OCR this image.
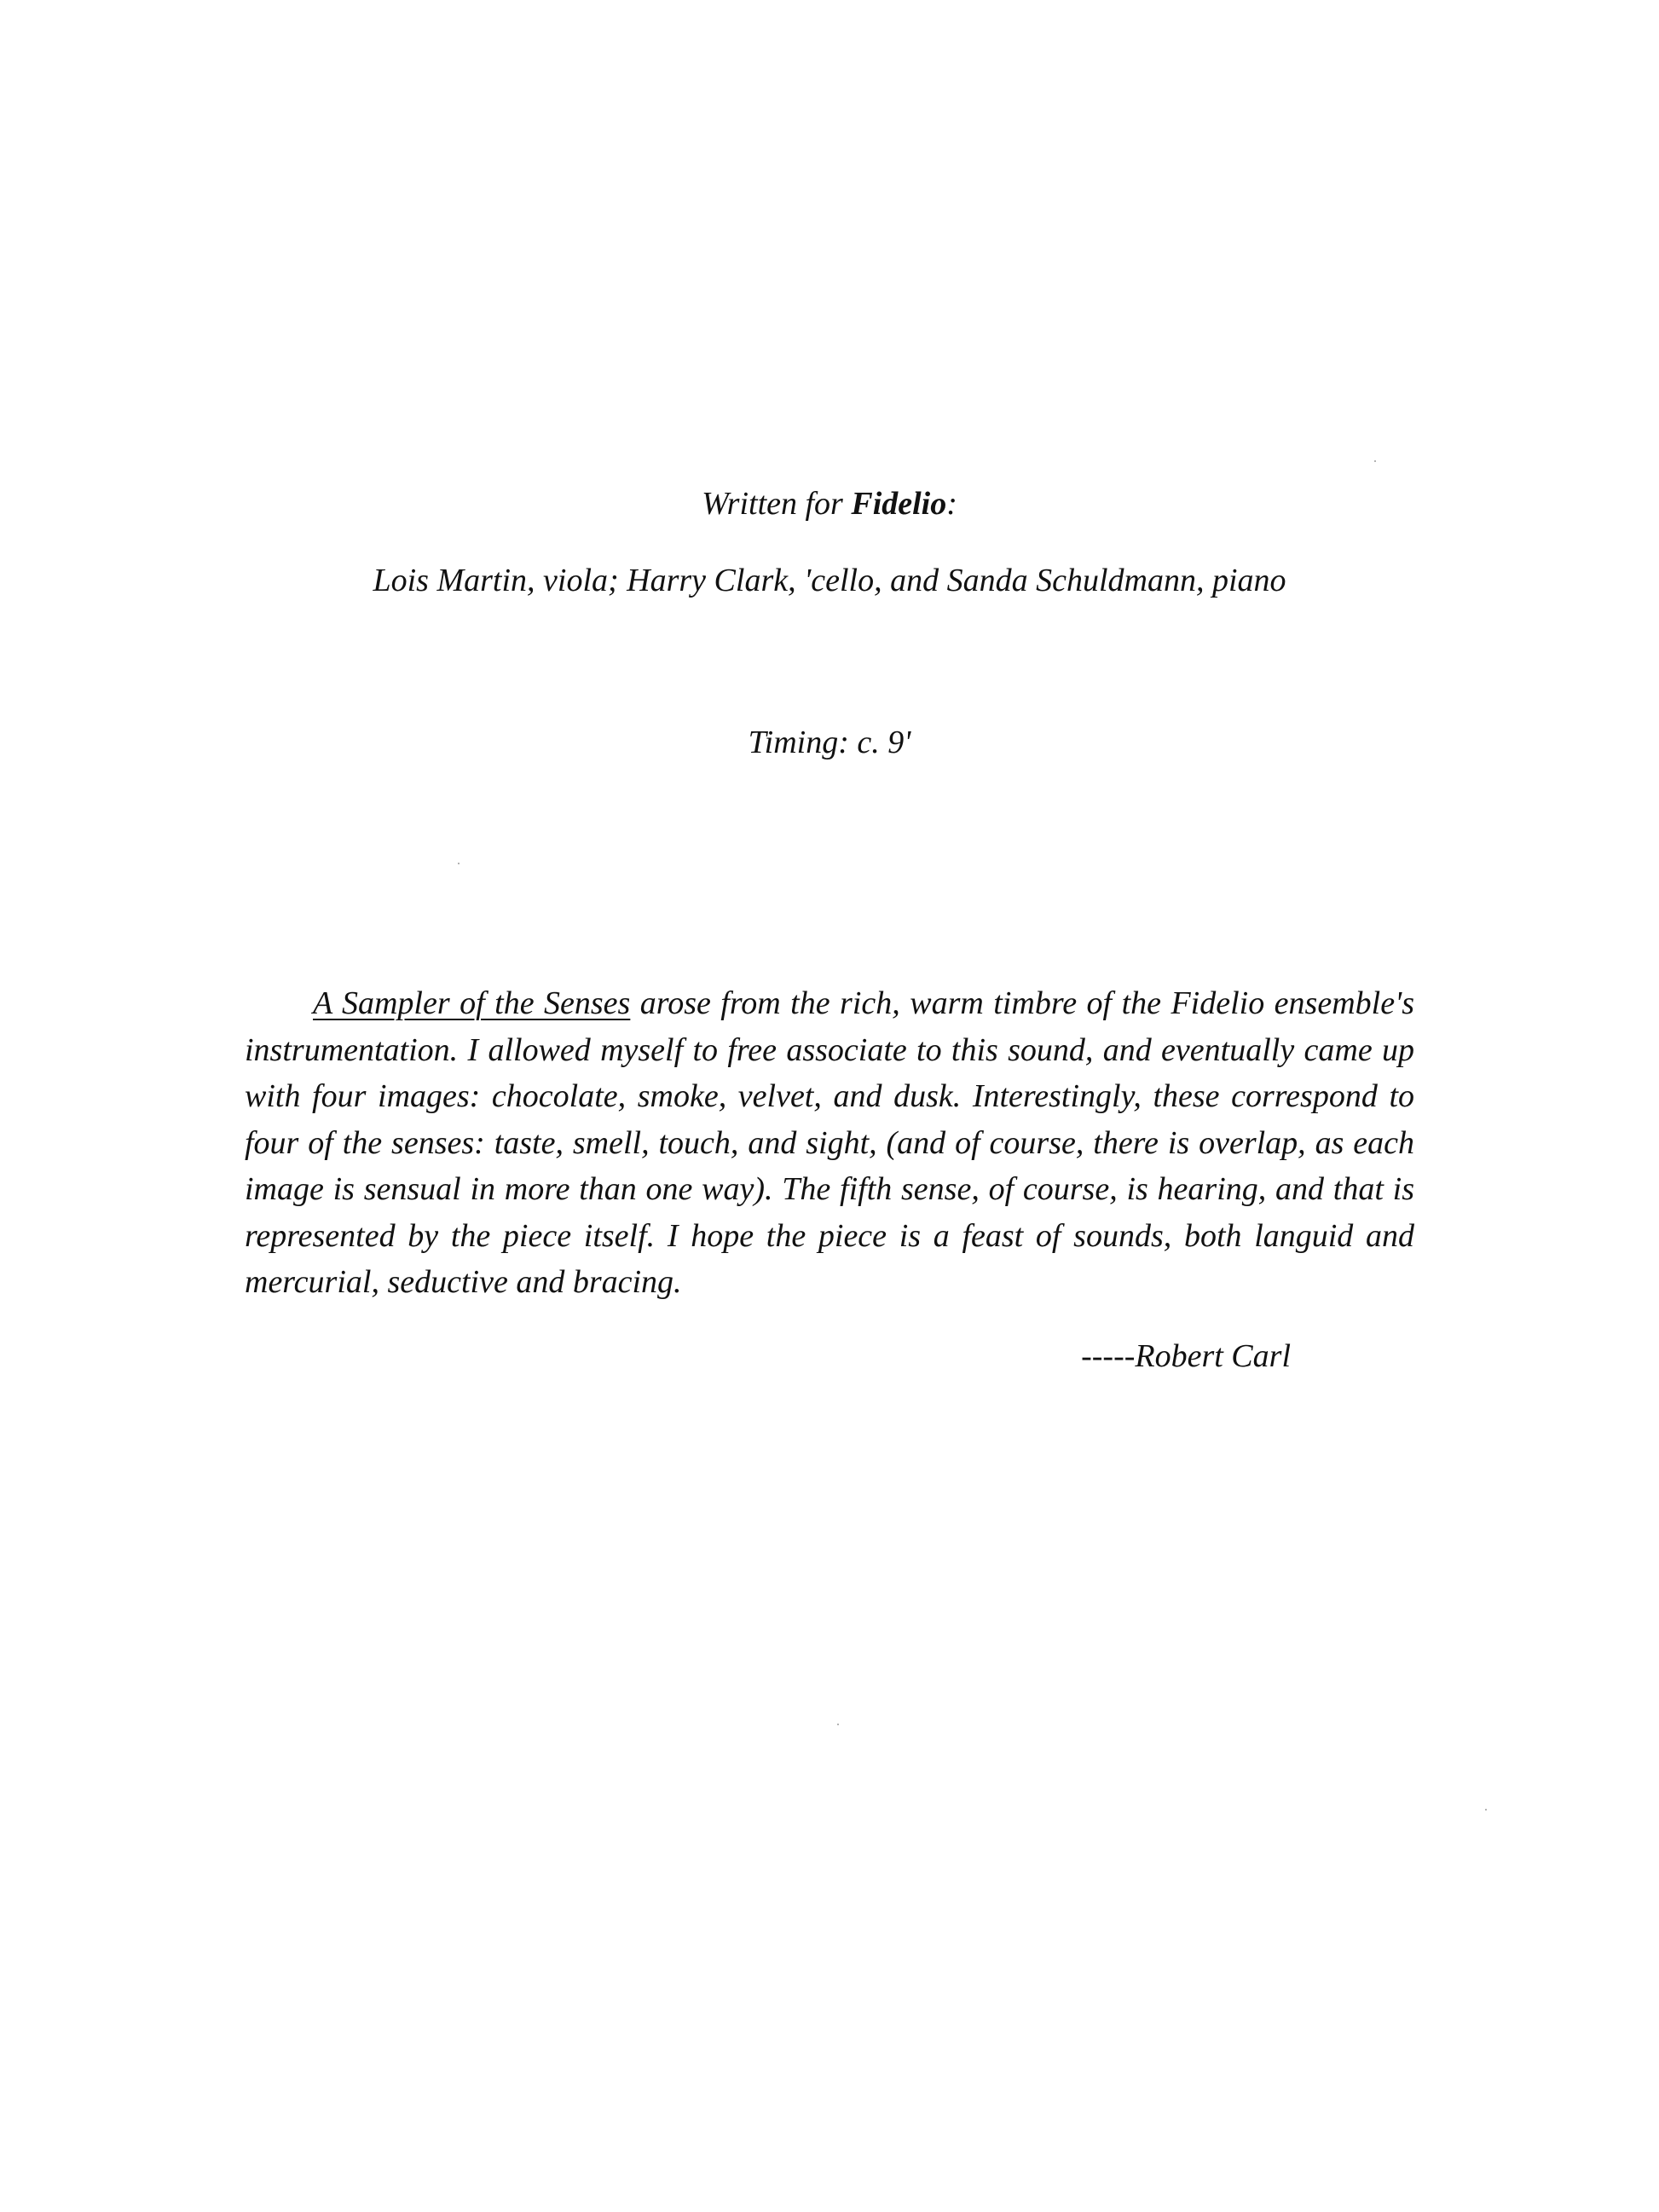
Written for Fidelio:
Lois Martin, viola; Harry Clark, 'cello, and Sanda Schuldmann, piano
Timing: c. 9'

A Sampler of the Senses arose from the rich, warm timbre of the Fidelio ensemble's instrumentation. I allowed myself to free associate to this sound, and eventually came up with four images: chocolate, smoke, velvet, and dusk. Interestingly, these correspond to four of the senses: taste, smell, touch, and sight, (and of course, there is overlap, as each image is sensual in more than one way). The fifth sense, of course, is hearing, and that is represented by the piece itself. I hope the piece is a feast of sounds, both languid and mercurial, seductive and bracing.

-----Robert Carl
